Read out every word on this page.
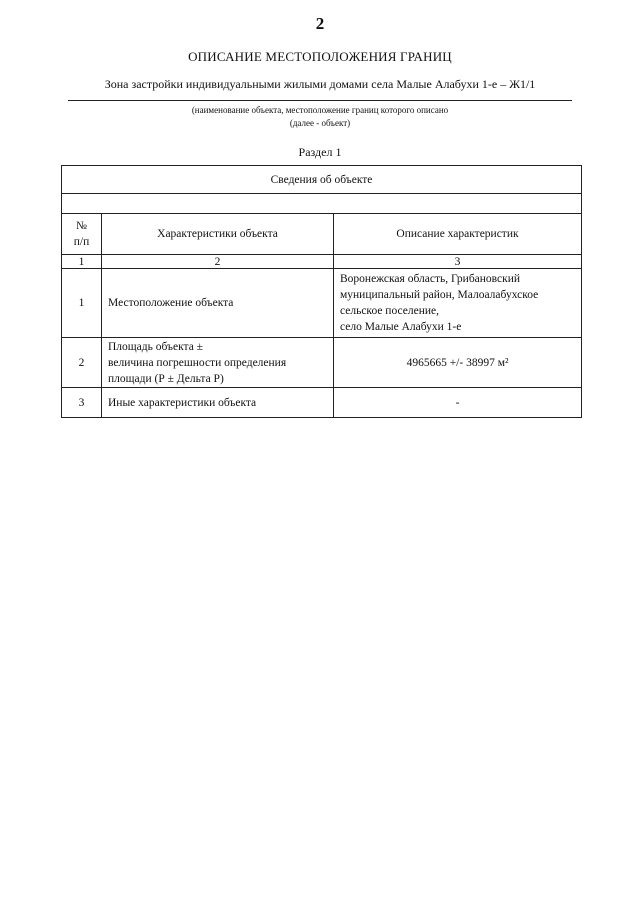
2
ОПИСАНИЕ МЕСТОПОЛОЖЕНИЯ ГРАНИЦ
Зона застройки индивидуальными жилыми домами села Малые Алабухи 1-е – Ж1/1
(наименование объекта, местоположение границ которого описано
(далее - объект)
Раздел 1
Сведения об объекте		

№
п/п	Характеристики объекта	Описание характеристик
1	2	3
1	Местоположение объекта	Воронежская область, Грибановский
муниципальный район, Малоалабухское
сельское поселение,
село Малые Алабухи 1-е
2	Площадь объекта ±
величина погрешности определения
площади (Р ± Дельта Р)	4965665 +/- 38997 м²
3	Иные характеристики объекта	-
